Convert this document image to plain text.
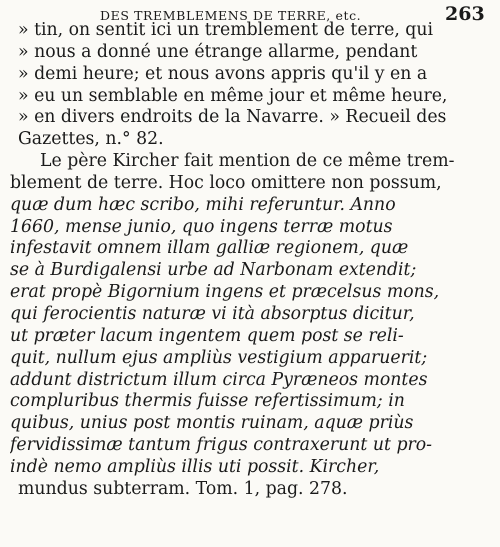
DES TREMBLEMENS DE TERRE, etc.	263
» tin, on sentit ici un tremblement de terre, qui
» nous a donné une étrange allarme, pendant
» demi heure; et nous avons appris qu'il y en a
» eu un semblable en même jour et même heure,
» en divers endroits de la Navarre. » Recueil des
Gazettes, n.° 82.
Le père Kircher fait mention de ce même trem-
blement de terre. Hoc loco omittere non possum,
quæ dum hæc scribo, mihi referuntur. Anno
1660, mense junio, quo ingens terræ motus
infestavit omnem illam galliæ regionem, quæ
se à Burdigalensi urbe ad Narbonam extendit;
erat propè Bigornium ingens et præcelsus mons,
qui ferocientis naturæ vi ità absorptus dicitur,
ut præter lacum ingentem quem post se reli-
quit, nullum ejus ampliùs vestigium apparuerit;
addunt districtum illum circa Pyræneos montes
compluribus thermis fuisse refertissimum; in
quibus, unius post montis ruinam, aquæ priùs
fervidissimæ tantum frigus contraxerunt ut pro-
indè nemo ampliùs illis uti possit. Kircher,
mundus subterram. Tom. 1, pag. 278.
